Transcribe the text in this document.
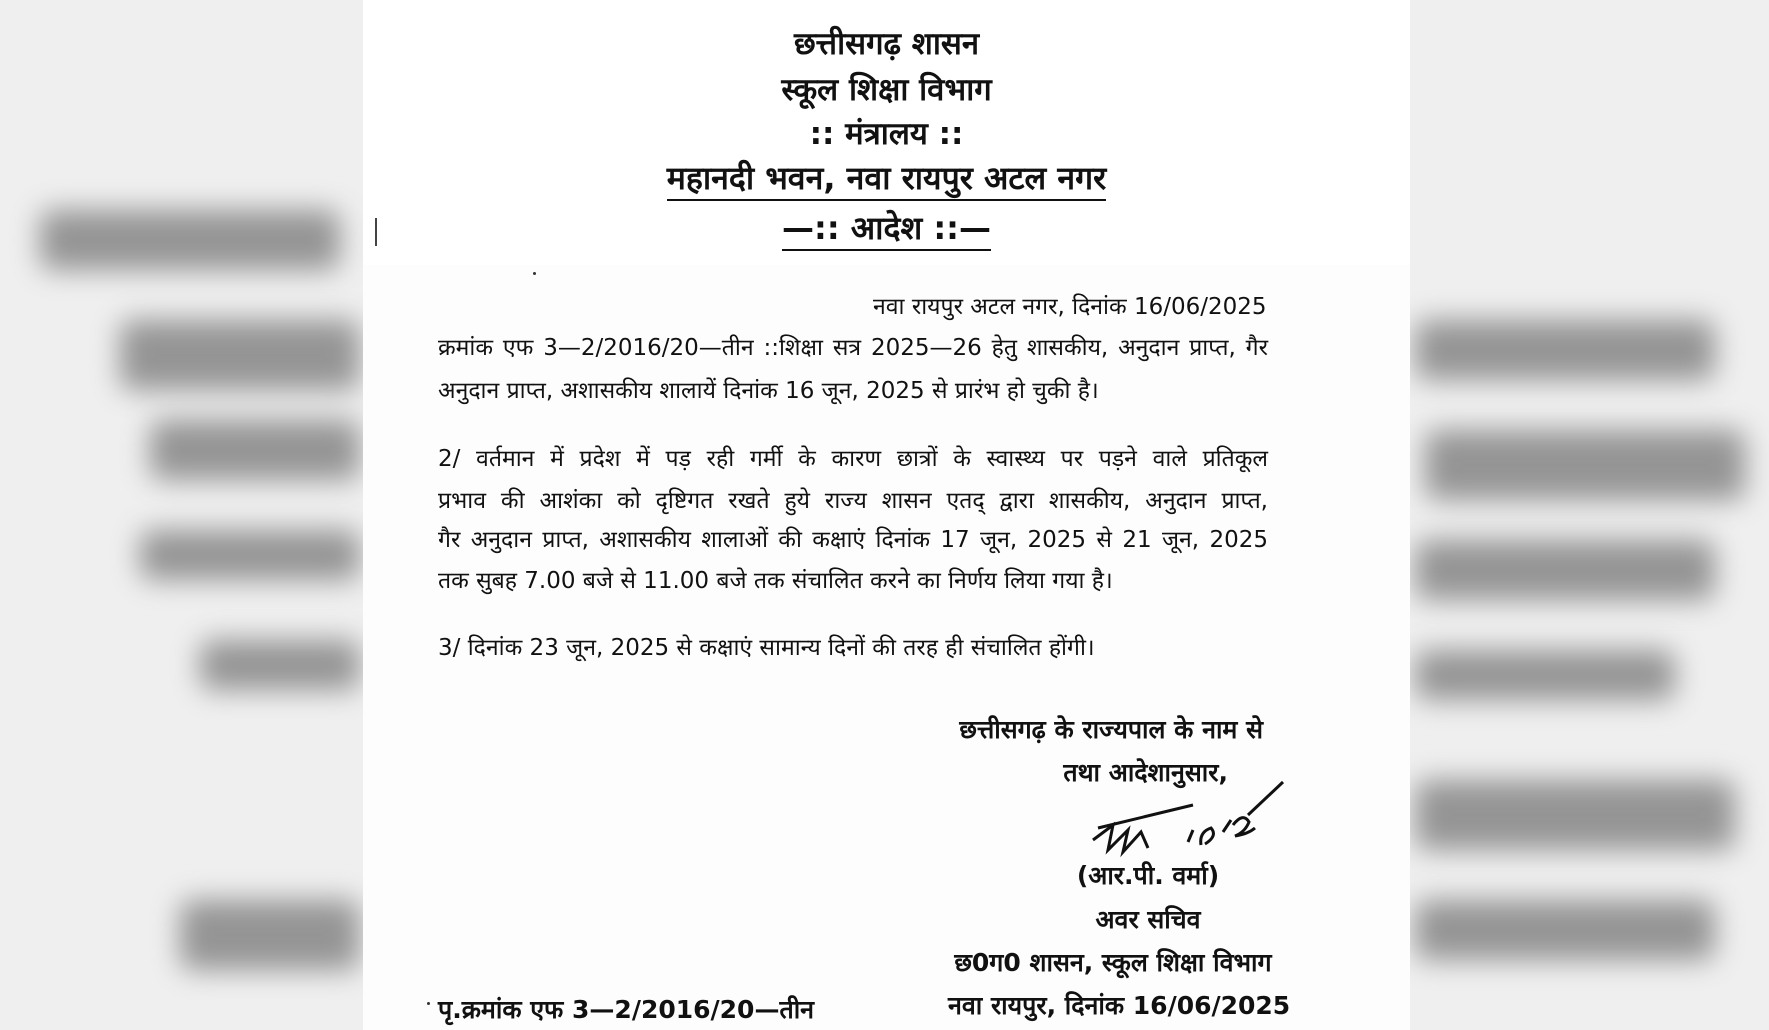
छत्तीसगढ़ शासन
स्कूल शिक्षा विभाग
:: मंत्रालय ::
महानदी भवन, नवा रायपुर अटल नगर
—:: आदेश ::—
नवा रायपुर अटल नगर, दिनांक 16/06/2025
क्रमांक एफ 3—2/2016/20—तीन ::शिक्षा सत्र 2025—26 हेतु शासकीय, अनुदान प्राप्त, गैर
अनुदान प्राप्त, अशासकीय शालायें दिनांक 16 जून, 2025 से प्रारंभ हो चुकी है।
2/ वर्तमान में प्रदेश में पड़ रही गर्मी के कारण छात्रों के स्वास्थ्य पर पड़ने वाले प्रतिकूल
प्रभाव की आशंका को दृष्टिगत रखते हुये राज्य शासन एतद् द्वारा शासकीय, अनुदान प्राप्त,
गैर अनुदान प्राप्त, अशासकीय शालाओं की कक्षाएं दिनांक 17 जून, 2025 से 21 जून, 2025
तक सुबह 7.00 बजे से 11.00 बजे तक संचालित करने का निर्णय लिया गया है।
3/ दिनांक 23 जून, 2025 से कक्षाएं सामान्य दिनों की तरह ही संचालित होंगी।
छत्तीसगढ़ के राज्यपाल के नाम से
तथा आदेशानुसार,
(आर.पी. वर्मा)
अवर सचिव
छ0ग0 शासन, स्कूल शिक्षा विभाग
नवा रायपुर, दिनांक 16/06/2025
पृ.क्रमांक एफ 3—2/2016/20—तीन
